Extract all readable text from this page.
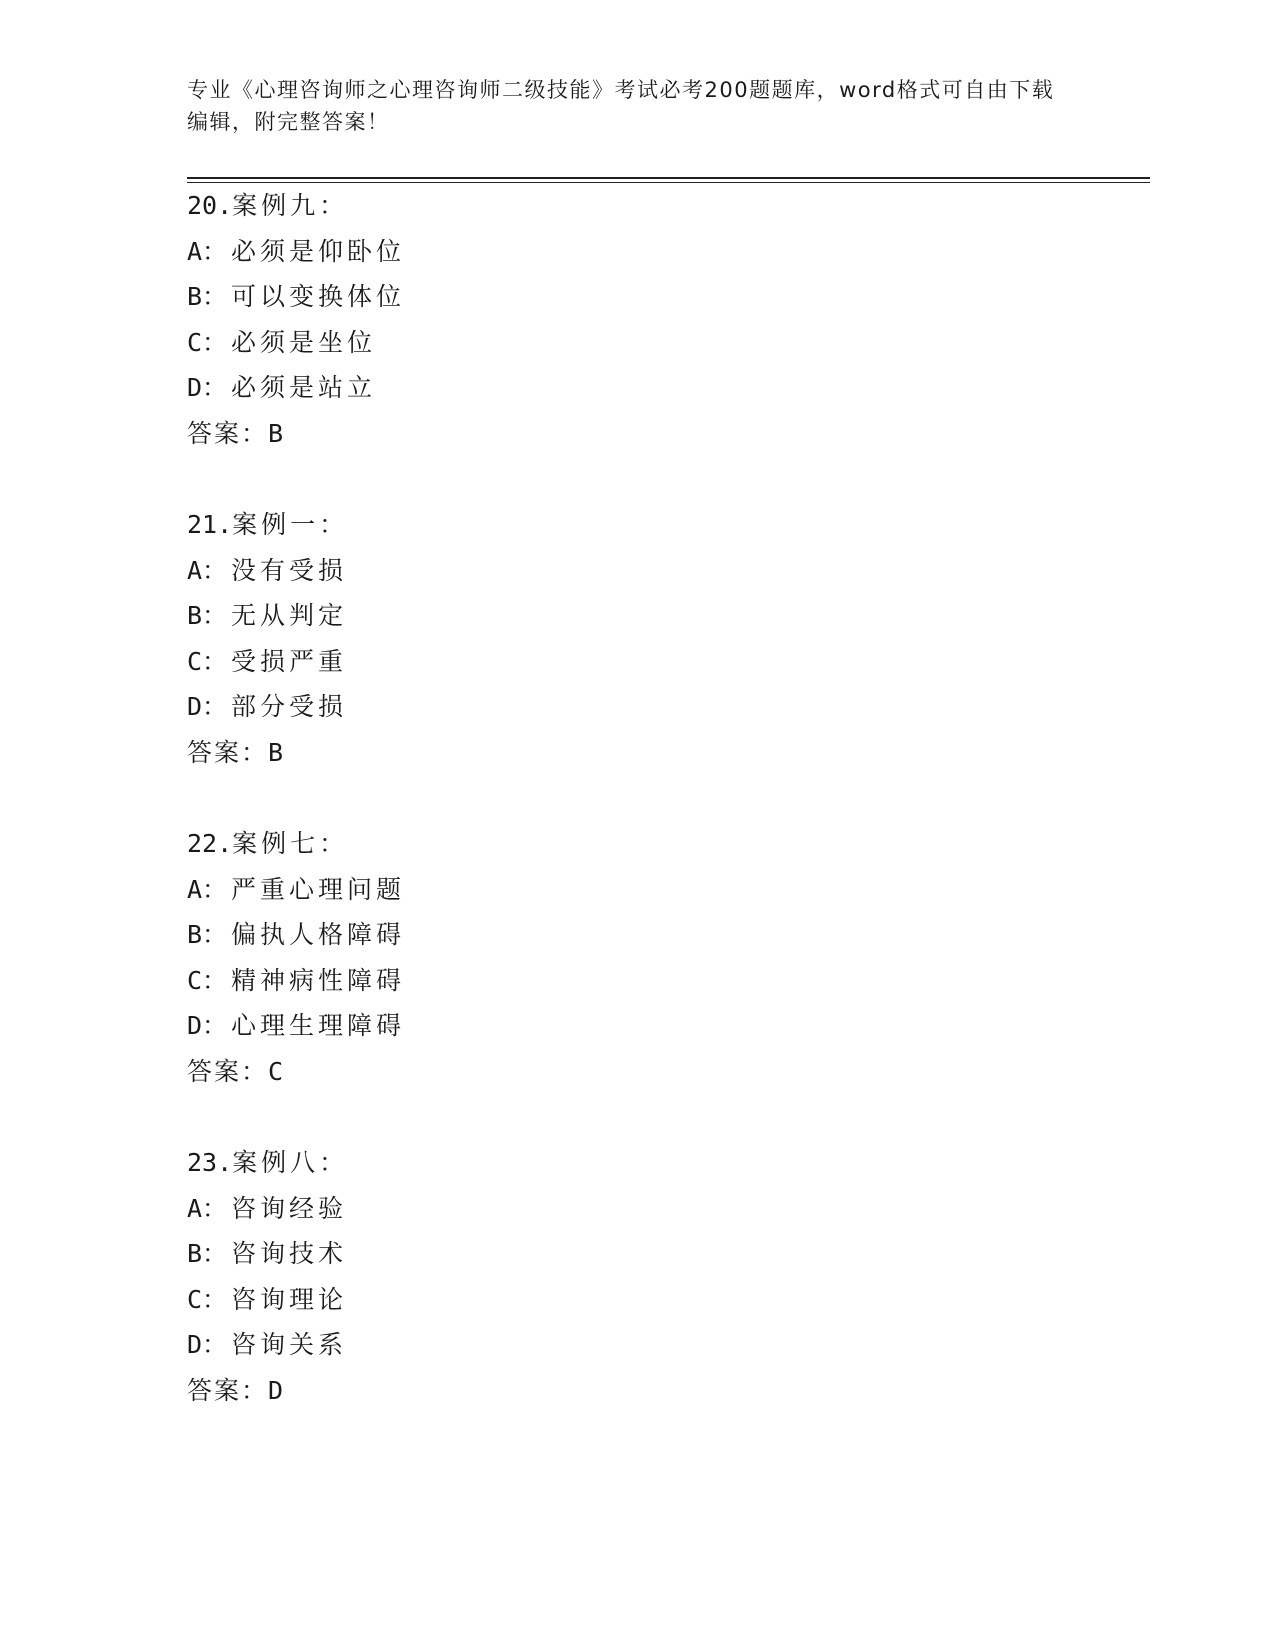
专业《心理咨询师之心理咨询师二级技能》考试必考200题题库，word格式可自由下载编辑，附完整答案！
20.案例九：
A： 必须是仰卧位
B： 可以变换体位
C： 必须是坐位
D： 必须是站立
答案：B
21.案例一：
A： 没有受损
B： 无从判定
C： 受损严重
D： 部分受损
答案：B
22.案例七：
A： 严重心理问题
B： 偏执人格障碍
C： 精神病性障碍
D： 心理生理障碍
答案：C
23.案例八：
A： 咨询经验
B： 咨询技术
C： 咨询理论
D： 咨询关系
答案：D
